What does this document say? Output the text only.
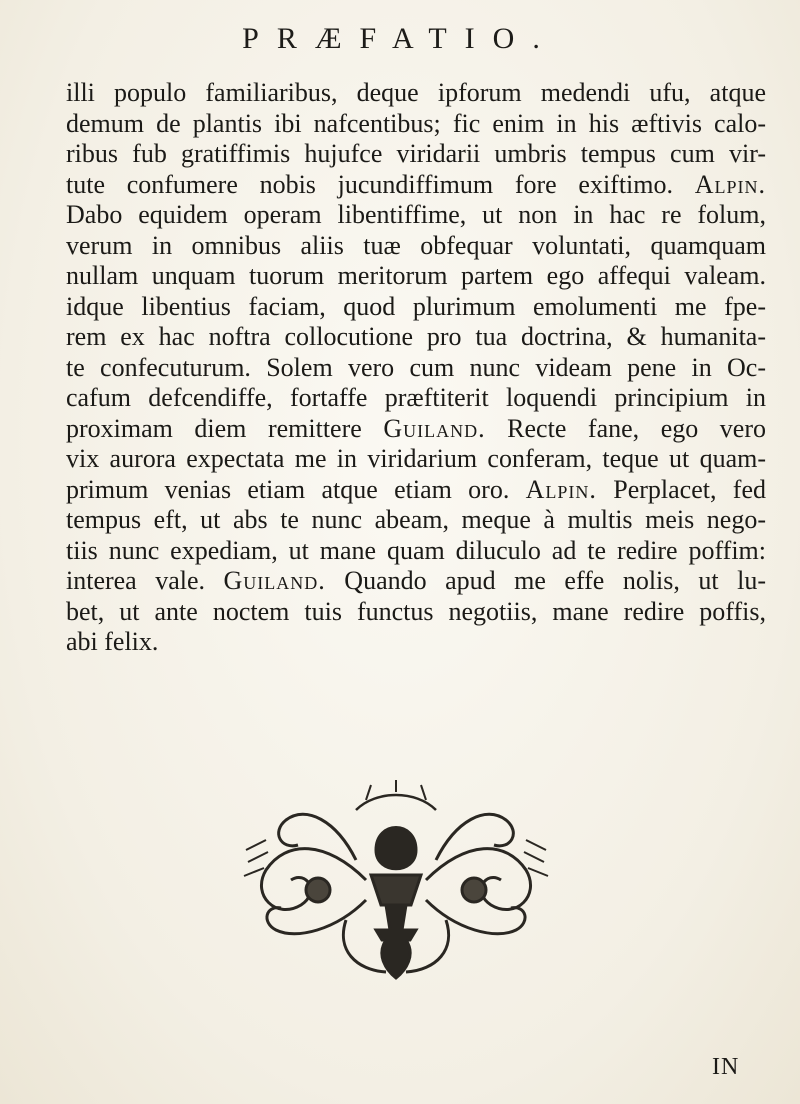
PRÆFATIO.
illi populo familiaribus, deque ipforum medendi ufu, atque
demum de plantis ibi nafcentibus; fic enim in his æftivis calo-
ribus fub gratiffimis hujufce viridarii umbris tempus cum vir-
tute confumere nobis jucundiffimum fore exiftimo. Alpin.
Dabo equidem operam libentiffime, ut non in hac re folum,
verum in omnibus aliis tuæ obfequar voluntati, quamquam
nullam unquam tuorum meritorum partem ego affequi valeam.
idque libentius faciam, quod plurimum emolumenti me fpe-
rem ex hac noftra collocutione pro tua doctrina, & humanita-
te confecuturum. Solem vero cum nunc videam pene in Oc-
cafum defcendiffe, fortaffe præftiterit loquendi principium in
proximam diem remittere Guiland. Recte fane, ego vero
vix aurora expectata me in viridarium conferam, teque ut quam-
primum venias etiam atque etiam oro. Alpin. Perplacet, fed
tempus eft, ut abs te nunc abeam, meque à multis meis nego-
tiis nunc expediam, ut mane quam diluculo ad te redire poffim:
interea vale. Guiland. Quando apud me effe nolis, ut lu-
bet, ut ante noctem tuis functus negotiis, mane redire poffis,
abi felix.
IN
